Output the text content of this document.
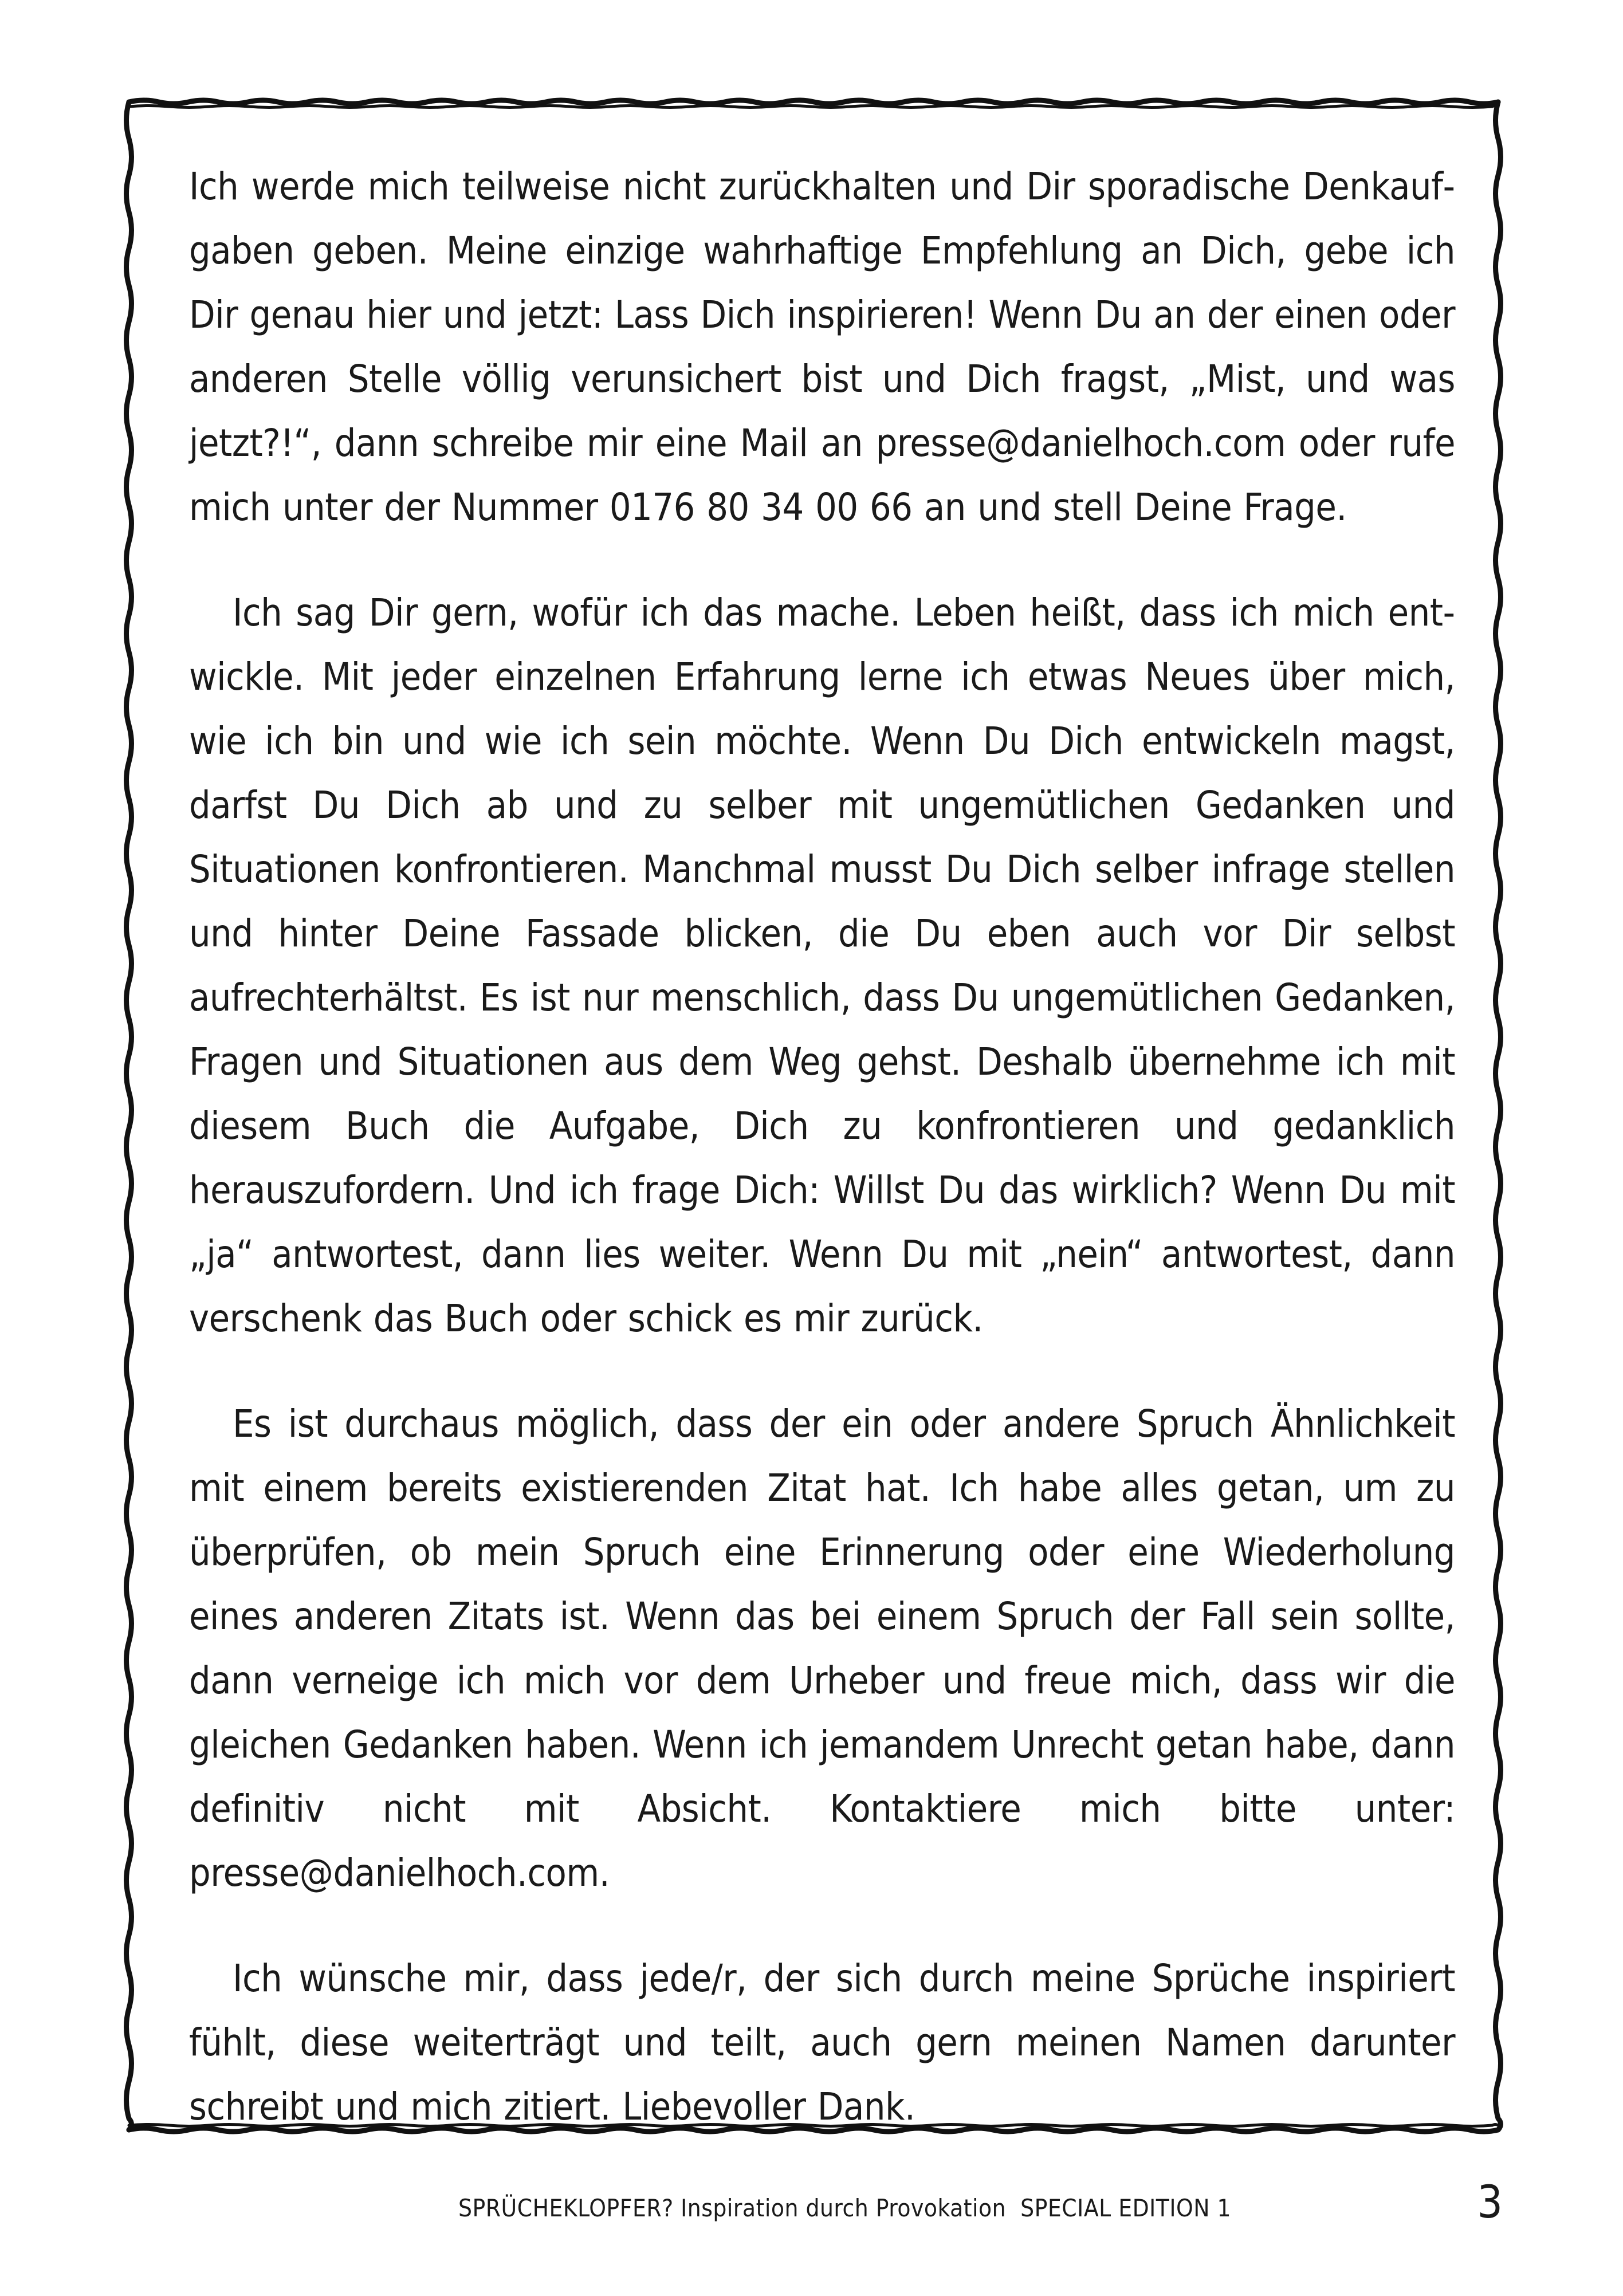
Ich werde mich teilweise nicht zurückhalten und Dir sporadische Denkaufgaben geben. Meine einzige wahrhaftige Empfehlung an Dich, gebe ich Dir genau hier und jetzt: Lass Dich inspirieren! Wenn Du an der einen oder anderen Stelle völlig verunsichert bist und Dich fragst, „Mist, und was jetzt?!“, dann schreibe mir eine Mail an presse@danielhoch.com oder rufe mich unter der Nummer 0176 80 34 00 66 an und stell Deine Frage.

Ich sag Dir gern, wofür ich das mache. Leben heißt, dass ich mich entwickle. Mit jeder einzelnen Erfahrung lerne ich etwas Neues über mich, wie ich bin und wie ich sein möchte. Wenn Du Dich entwickeln magst, darfst Du Dich ab und zu selber mit ungemütlichen Gedanken und Situationen konfrontieren. Manchmal musst Du Dich selber infrage stellen und hinter Deine Fassade blicken, die Du eben auch vor Dir selbst aufrechterhältst. Es ist nur menschlich, dass Du ungemütlichen Gedanken, Fragen und Situationen aus dem Weg gehst. Deshalb übernehme ich mit diesem Buch die Aufgabe, Dich zu konfrontieren und gedanklich herauszufordern. Und ich frage Dich: Willst Du das wirklich? Wenn Du mit „ja“ antwortest, dann lies weiter. Wenn Du mit „nein“ antwortest, dann verschenk das Buch oder schick es mir zurück.

Es ist durchaus möglich, dass der ein oder andere Spruch Ähnlichkeit mit einem bereits existierenden Zitat hat. Ich habe alles getan, um zu überprüfen, ob mein Spruch eine Erinnerung oder eine Wiederholung eines anderen Zitats ist. Wenn das bei einem Spruch der Fall sein sollte, dann verneige ich mich vor dem Urheber und freue mich, dass wir die gleichen Gedanken haben. Wenn ich jemandem Unrecht getan habe, dann definitiv nicht mit Absicht. Kontaktiere mich bitte unter: presse@danielhoch.com.

Ich wünsche mir, dass jede/r, der sich durch meine Sprüche inspiriert fühlt, diese weiterträgt und teilt, auch gern meinen Namen darunter schreibt und mich zitiert. Liebevoller Dank.

SPRÜCHEKLOPFER? Inspiration durch Provokation SPECIAL EDITION 1	3
